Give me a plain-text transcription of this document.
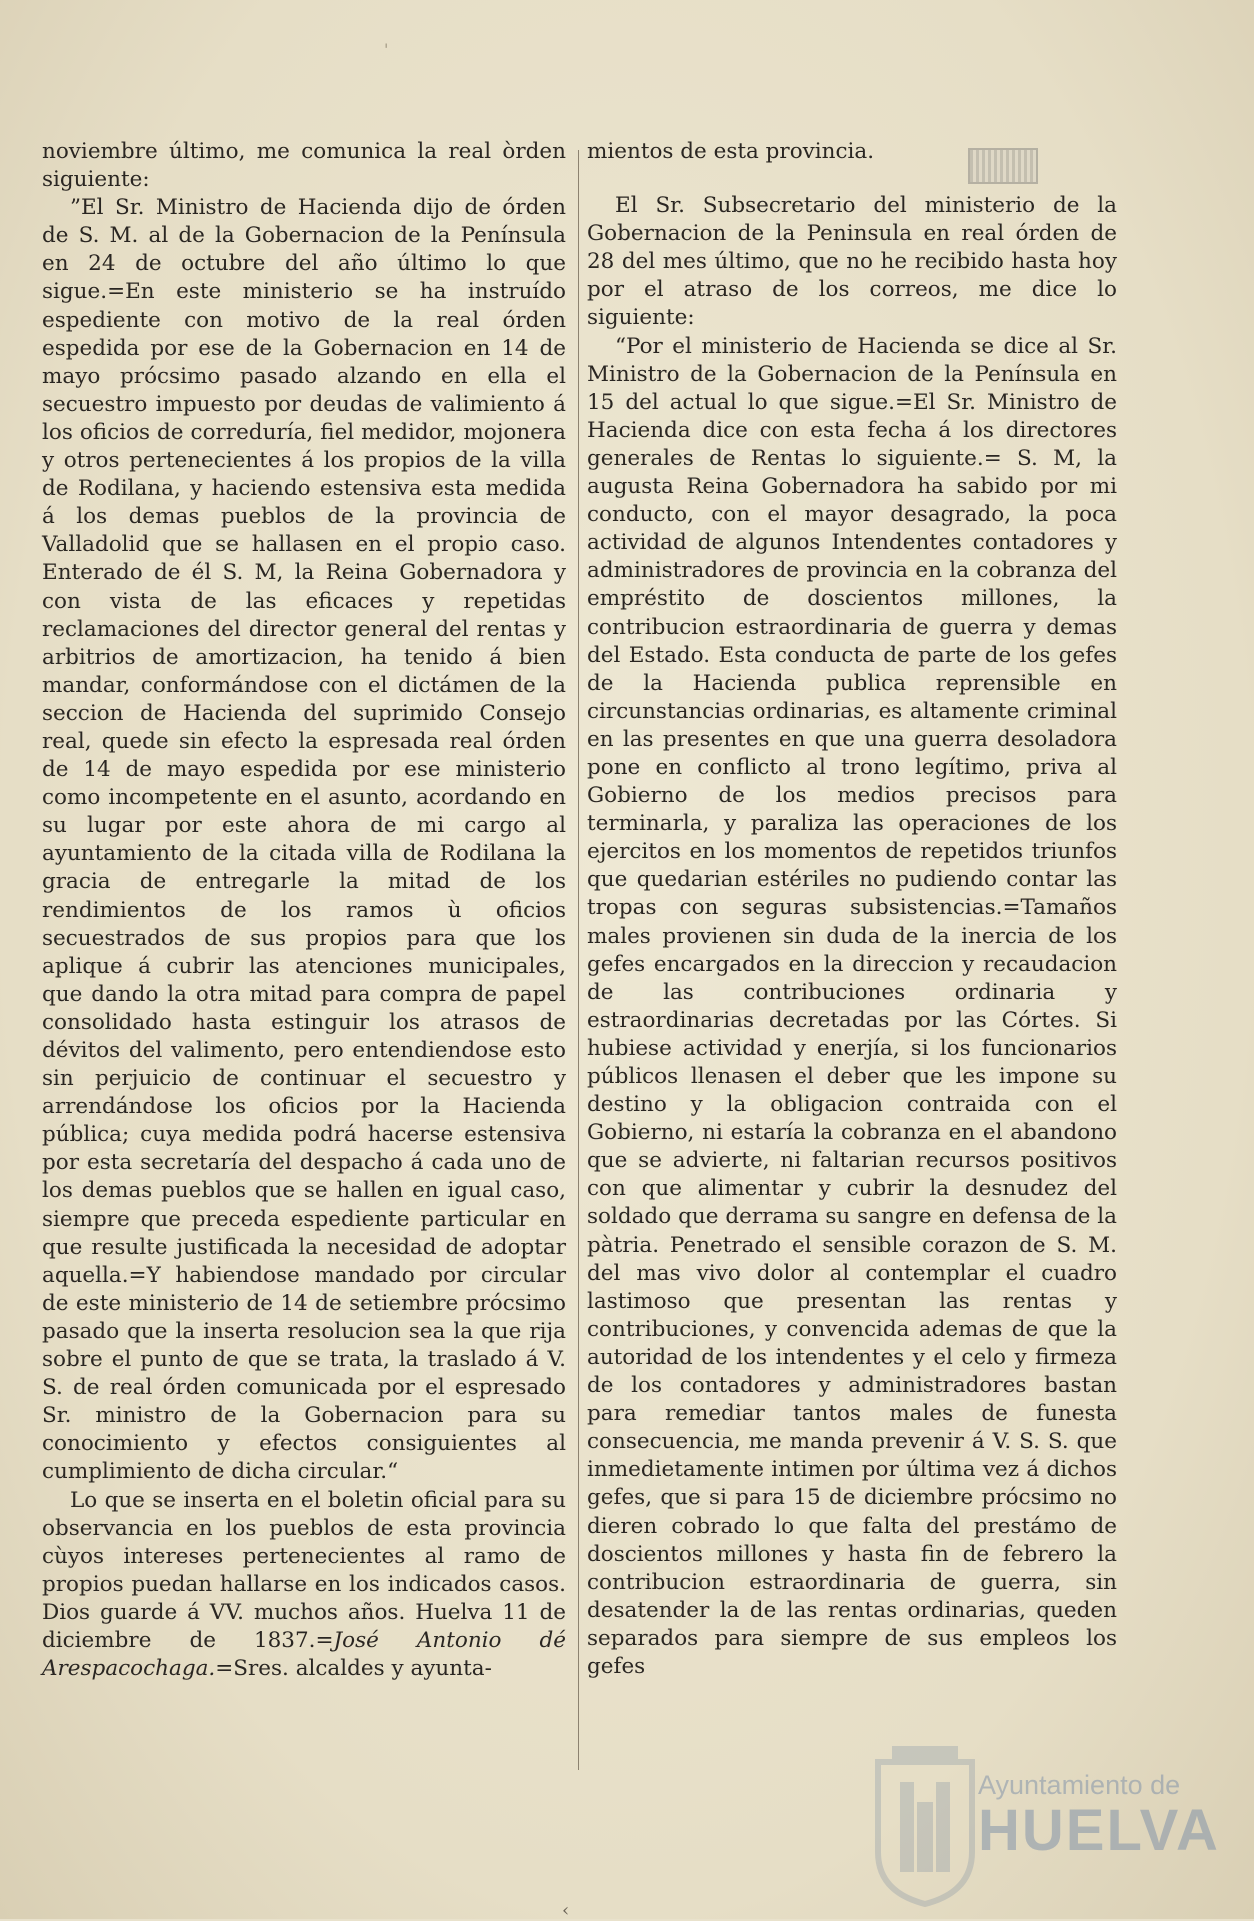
'

noviembre último, me comunica la real òrden siguiente:

”El Sr. Ministro de Hacienda dijo de órden de S. M. al de la Gobernacion de la Península en 24 de octubre del año último lo que sigue.=En este ministerio se ha instruído espediente con motivo de la real órden espedida por ese de la Gobernacion en 14 de mayo prócsimo pasado alzando en ella el secuestro impuesto por deudas de valimiento á los oficios de correduría, fiel medidor, mojonera y otros pertenecientes á los propios de la villa de Rodilana, y haciendo estensiva esta medida á los demas pueblos de la provincia de Valladolid que se hallasen en el propio caso. Enterado de él S. M, la Reina Gobernadora y con vista de las eficaces y repetidas reclamaciones del director general del rentas y arbitrios de amortizacion, ha tenido á bien mandar, conformándose con el dictámen de la seccion de Hacienda del suprimido Consejo real, quede sin efecto la espresada real órden de 14 de mayo espedida por ese ministerio como incompetente en el asunto, acordando en su lugar por este ahora de mi cargo al ayuntamiento de la citada villa de Rodilana la gracia de entregarle la mitad de los rendimientos de los ramos ù oficios secuestrados de sus propios para que los aplique á cubrir las atenciones municipales, que dando la otra mitad para compra de papel consolidado hasta estinguir los atrasos de dévitos del valimento, pero entendiendose esto sin perjuicio de continuar el secuestro y arrendándose los oficios por la Hacienda pública; cuya medida podrá hacerse estensiva por esta secretaría del despacho á cada uno de los demas pueblos que se hallen en igual caso, siempre que preceda espediente particular en que resulte justificada la necesidad de adoptar aquella.=Y habiendose mandado por circular de este ministerio de 14 de setiembre prócsimo pasado que la inserta resolucion sea la que rija sobre el punto de que se trata, la traslado á V. S. de real órden comunicada por el espresado Sr. ministro de la Gobernacion para su conocimiento y efectos consiguientes al cumplimiento de dicha circular.“

Lo que se inserta en el boletin oficial para su observancia en los pueblos de esta provincia cùyos intereses pertenecientes al ramo de propios puedan hallarse en los indicados casos. Dios guarde á VV. muchos años. Huelva 11 de diciembre de 1837.=José Antonio dé Arespacochaga.=Sres. alcaldes y ayunta-

mientos de esta provincia.

El Sr. Subsecretario del ministerio de la Gobernacion de la Peninsula en real órden de 28 del mes último, que no he recibido hasta hoy por el atraso de los correos, me dice lo siguiente:

“Por el ministerio de Hacienda se dice al Sr. Ministro de la Gobernacion de la Península en 15 del actual lo que sigue.=El Sr. Ministro de Hacienda dice con esta fecha á los directores generales de Rentas lo siguiente.= S. M, la augusta Reina Gobernadora ha sabido por mi conducto, con el mayor desagrado, la poca actividad de algunos Intendentes contadores y administradores de provincia en la cobranza del empréstito de doscientos millones, la contribucion estraordinaria de guerra y demas del Estado. Esta conducta de parte de los gefes de la Hacienda publica reprensible en circunstancias ordinarias, es altamente criminal en las presentes en que una guerra desoladora pone en conflicto al trono legítimo, priva al Gobierno de los medios precisos para terminarla, y paraliza las operaciones de los ejercitos en los momentos de repetidos triunfos que quedarian estériles no pudiendo contar las tropas con seguras subsistencias.=Tamaños males provienen sin duda de la inercia de los gefes encargados en la direccion y recaudacion de las contribuciones ordinaria y estraordinarias decretadas por las Córtes. Si hubiese actividad y enerjía, si los funcionarios públicos llenasen el deber que les impone su destino y la obligacion contraida con el Gobierno, ni estaría la cobranza en el abandono que se advierte, ni faltarian recursos positivos con que alimentar y cubrir la desnudez del soldado que derrama su sangre en defensa de la pàtria. Penetrado el sensible corazon de S. M. del mas vivo dolor al contemplar el cuadro lastimoso que presentan las rentas y contribuciones, y convencida ademas de que la autoridad de los intendentes y el celo y firmeza de los contadores y administradores bastan para remediar tantos males de funesta consecuencia, me manda prevenir á V. S. S. que inmedietamente intimen por última vez á dichos gefes, que si para 15 de diciembre prócsimo no dieren cobrado lo que falta del prestámo de doscientos millones y hasta fin de febrero la contribucion estraordinaria de guerra, sin desatender la de las rentas ordinarias, queden separados para siempre de sus empleos los gefes

Ayuntamiento de
HUELVA
‹
